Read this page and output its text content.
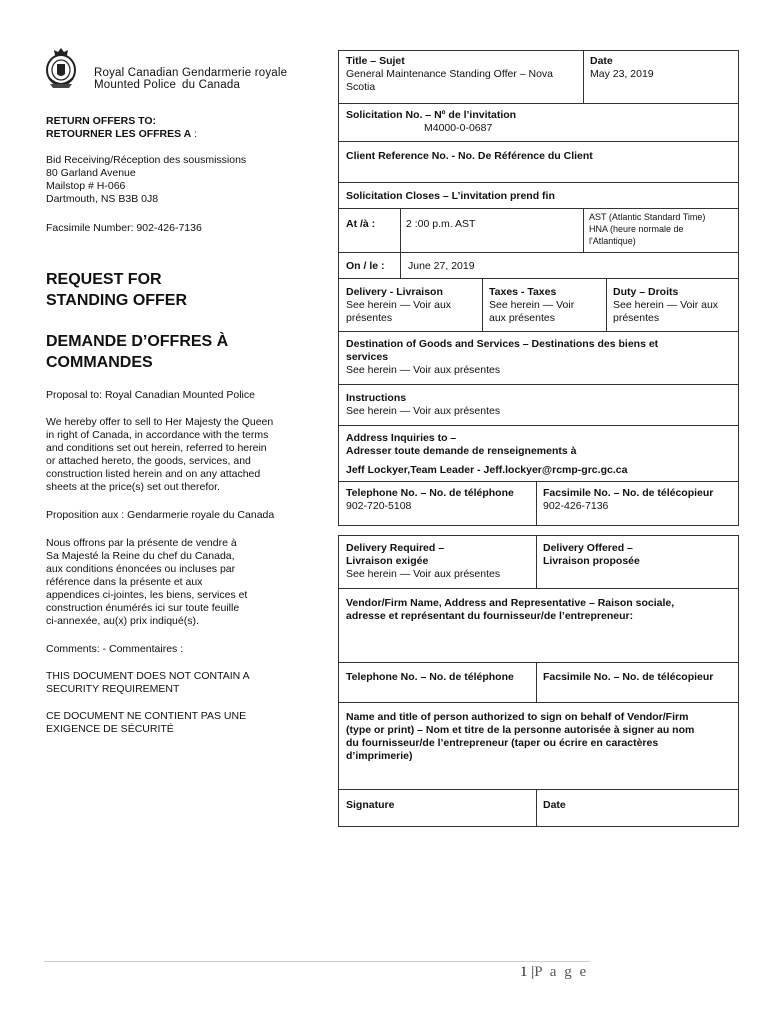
Royal Canadian
Mounted Police
Gendarmerie royale
du Canada
RETURN OFFERS TO:
RETOURNER LES OFFRES A :
Bid Receiving/Réception des sousmissions
80 Garland Avenue
Mailstop # H-066
Dartmouth, NS B3B 0J8
Facsimile Number: 902-426-7136
REQUEST FOR
STANDING OFFER
DEMANDE D’OFFRES À
COMMANDES
Proposal to: Royal Canadian Mounted Police
We hereby offer to sell to Her Majesty the Queen
in right of Canada, in accordance with the terms
and conditions set out herein, referred to herein
or attached hereto, the goods, services, and
construction listed herein and on any attached
sheets at the price(s) set out therefor.
Proposition aux : Gendarmerie royale du Canada
Nous offrons par la présente de vendre à
Sa Majesté la Reine du chef du Canada,
aux conditions énoncées ou incluses par
référence dans la présente et aux
appendices ci-jointes, les biens, services et
construction énumérés ici sur toute feuille
ci-annexée, au(x) prix indiqué(s).
Comments: - Commentaires :
THIS DOCUMENT DOES NOT CONTAIN A
SECURITY REQUIREMENT
CE DOCUMENT NE CONTIENT PAS UNE
EXIGENCE DE SÉCURITÉ
Title – Sujet
General Maintenance Standing Offer – Nova
Scotia
Date
May 23, 2019
Solicitation No. – Nº de l’invitation
M4000-0-0687
Client Reference No. - No. De Référence du Client
Solicitation Closes – L’invitation prend fin
At /à :	2 :00 p.m. AST
AST (Atlantic Standard Time)
HNA (heure normale de
l'Atlantique)
On / le : June 27, 2019
Delivery - Livraison
See herein — Voir aux
présentes
Taxes - Taxes
See herein — Voir
aux présentes
Duty – Droits
See herein — Voir aux
présentes
Destination of Goods and Services – Destinations des biens et
services
See herein — Voir aux présentes
Instructions
See herein — Voir aux présentes
Address Inquiries to –
Adresser toute demande de renseignements à
Jeff Lockyer,Team Leader - Jeff.lockyer@rcmp-grc.gc.ca
Telephone No. – No. de téléphone
902-720-5108
Facsimile No. – No. de télécopieur
902-426-7136
Delivery Required –
Livraison exigée
See herein — Voir aux présentes
Delivery Offered –
Livraison proposée
Vendor/Firm Name, Address and Representative – Raison sociale,
adresse et représentant du fournisseur/de l’entrepreneur:
Telephone No. – No. de téléphone	Facsimile No. – No. de télécopieur
Name and title of person authorized to sign on behalf of Vendor/Firm
(type or print) – Nom et titre de la personne autorisée à signer au nom
du fournisseur/de l’entrepreneur (taper ou écrire en caractères
d’imprimerie)
Signature	Date
1 |P a g e
